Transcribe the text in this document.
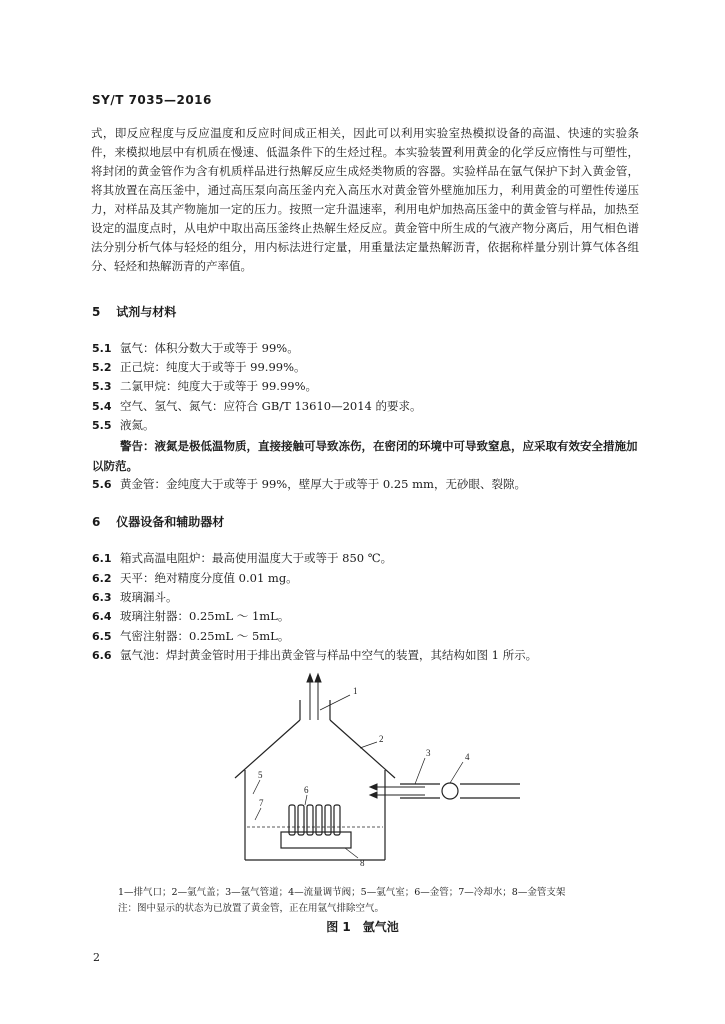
SY/T 7035—2016
式，即反应程度与反应温度和反应时间成正相关，因此可以利用实验室热模拟设备的高温、快速的实验条件，来模拟地层中有机质在慢速、低温条件下的生烃过程。本实验装置利用黄金的化学反应惰性与可塑性，将封闭的黄金管作为含有机质样品进行热解反应生成烃类物质的容器。实验样品在氩气保护下封入黄金管，将其放置在高压釜中，通过高压泵向高压釜内充入高压水对黄金管外壁施加压力，利用黄金的可塑性传递压力，对样品及其产物施加一定的压力。按照一定升温速率，利用电炉加热高压釜中的黄金管与样品，加热至设定的温度点时，从电炉中取出高压釜终止热解生烃反应。黄金管中所生成的气液产物分离后，用气相色谱法分别分析气体与轻烃的组分，用内标法进行定量，用重量法定量热解沥青，依据称样量分别计算气体各组分、轻烃和热解沥青的产率值。
5 试剂与材料
5.1 氩气：体积分数大于或等于 99%。
5.2 正己烷：纯度大于或等于 99.99%。
5.3 二氯甲烷：纯度大于或等于 99.99%。
5.4 空气、氢气、氮气：应符合 GB/T 13610—2014 的要求。
5.5 液氮。
警告：液氮是极低温物质，直接接触可导致冻伤，在密闭的环境中可导致窒息，应采取有效安全措施加以防范。
5.6 黄金管：金纯度大于或等于 99%，壁厚大于或等于 0.25 mm，无砂眼、裂隙。
6 仪器设备和辅助器材
6.1 箱式高温电阻炉：最高使用温度大于或等于 850 ℃。
6.2 天平：绝对精度分度值 0.01 mg。
6.3 玻璃漏斗。
6.4 玻璃注射器：0.25mL ～ 1mL。
6.5 气密注射器：0.25mL ～ 5mL。
6.6 氩气池：焊封黄金管时用于排出黄金管与样品中空气的装置，其结构如图 1 所示。
1
2
3	4
5
6
7
8
1—排气口；2—氩气盖；3—氩气管道；4—流量调节阀；5—氩气室；6—金管；7—冷却水；8—金管支架
注：图中显示的状态为已放置了黄金管，正在用氩气排除空气。
图 1　氩气池
2
